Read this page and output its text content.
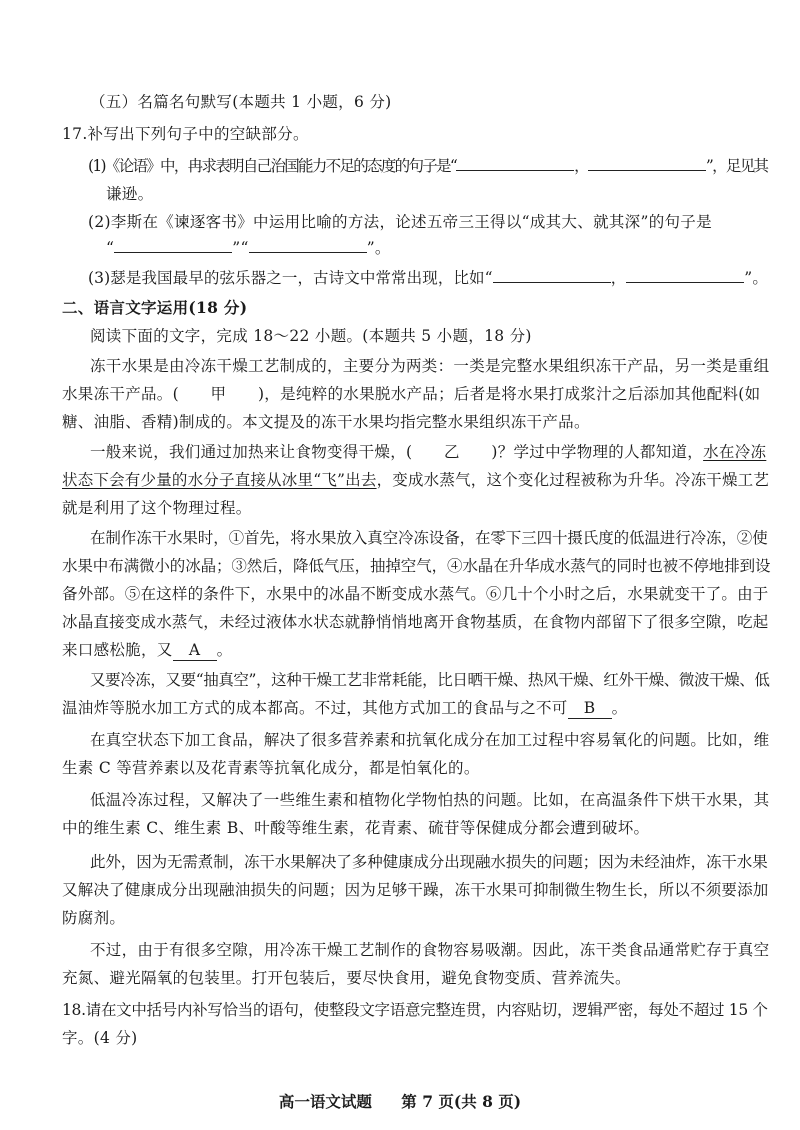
（五）名篇名句默写(本题共 1 小题，6 分)
17.补写出下列句子中的空缺部分。
(1)《论语》中，冉求表明自己治国能力不足的态度的句子是“	，	”，足见其
谦逊。
(2)李斯在《谏逐客书》中运用比喻的方法，论述五帝三王得以“成其大、就其深”的句子是
“	”“	”。
(3)瑟是我国最早的弦乐器之一，古诗文中常常出现，比如“	，	”。
二、语言文字运用(18 分)
阅读下面的文字，完成 18～22 小题。(本题共 5 小题，18 分)
冻干水果是由冷冻干燥工艺制成的，主要分为两类：一类是完整水果组织冻干产品，另一类是重组
水果冻干产品。(　　甲　　)，是纯粹的水果脱水产品；后者是将水果打成浆汁之后添加其他配料(如
糖、油脂、香精)制成的。本文提及的冻干水果均指完整水果组织冻干产品。
一般来说，我们通过加热来让食物变得干燥，(　　乙　　)？学过中学物理的人都知道，水在冷冻
状态下会有少量的水分子直接从冰里“飞”出去，变成水蒸气，这个变化过程被称为升华。冷冻干燥工艺
就是利用了这个物理过程。
在制作冻干水果时，①首先，将水果放入真空冷冻设备，在零下三四十摄氏度的低温进行冷冻，②使
水果中布满微小的冰晶；③然后，降低气压，抽掉空气，④水晶在升华成水蒸气的同时也被不停地排到设
备外部。⑤在这样的条件下，水果中的冰晶不断变成水蒸气。⑥几十个小时之后，水果就变干了。由于
冰晶直接变成水蒸气，未经过液体水状态就静悄悄地离开食物基质，在食物内部留下了很多空隙，吃起
来口感松脆，又 A 。
又要冷冻，又要“抽真空”，这种干燥工艺非常耗能，比日晒干燥、热风干燥、红外干燥、微波干燥、低
温油炸等脱水加工方式的成本都高。不过，其他方式加工的食品与之不可 B 。
在真空状态下加工食品，解决了很多营养素和抗氧化成分在加工过程中容易氧化的问题。比如，维
生素 C 等营养素以及花青素等抗氧化成分，都是怕氧化的。
低温冷冻过程，又解决了一些维生素和植物化学物怕热的问题。比如，在高温条件下烘干水果，其
中的维生素 C、维生素 B、叶酸等维生素，花青素、硫苷等保健成分都会遭到破坏。
此外，因为无需煮制，冻干水果解决了多种健康成分出现融水损失的问题；因为未经油炸，冻干水果
又解决了健康成分出现融油损失的问题；因为足够干躁，冻干水果可抑制微生物生长，所以不须要添加
防腐剂。
不过，由于有很多空隙，用冷冻干燥工艺制作的食物容易吸潮。因此，冻干类食品通常贮存于真空
充氮、避光隔氧的包装里。打开包装后，要尽快食用，避免食物变质、营养流失。
18.请在文中括号内补写恰当的语句，使整段文字语意完整连贯，内容贴切，逻辑严密，每处不超过 15 个
字。(4 分)
高一语文试题 第 7 页(共 8 页)
